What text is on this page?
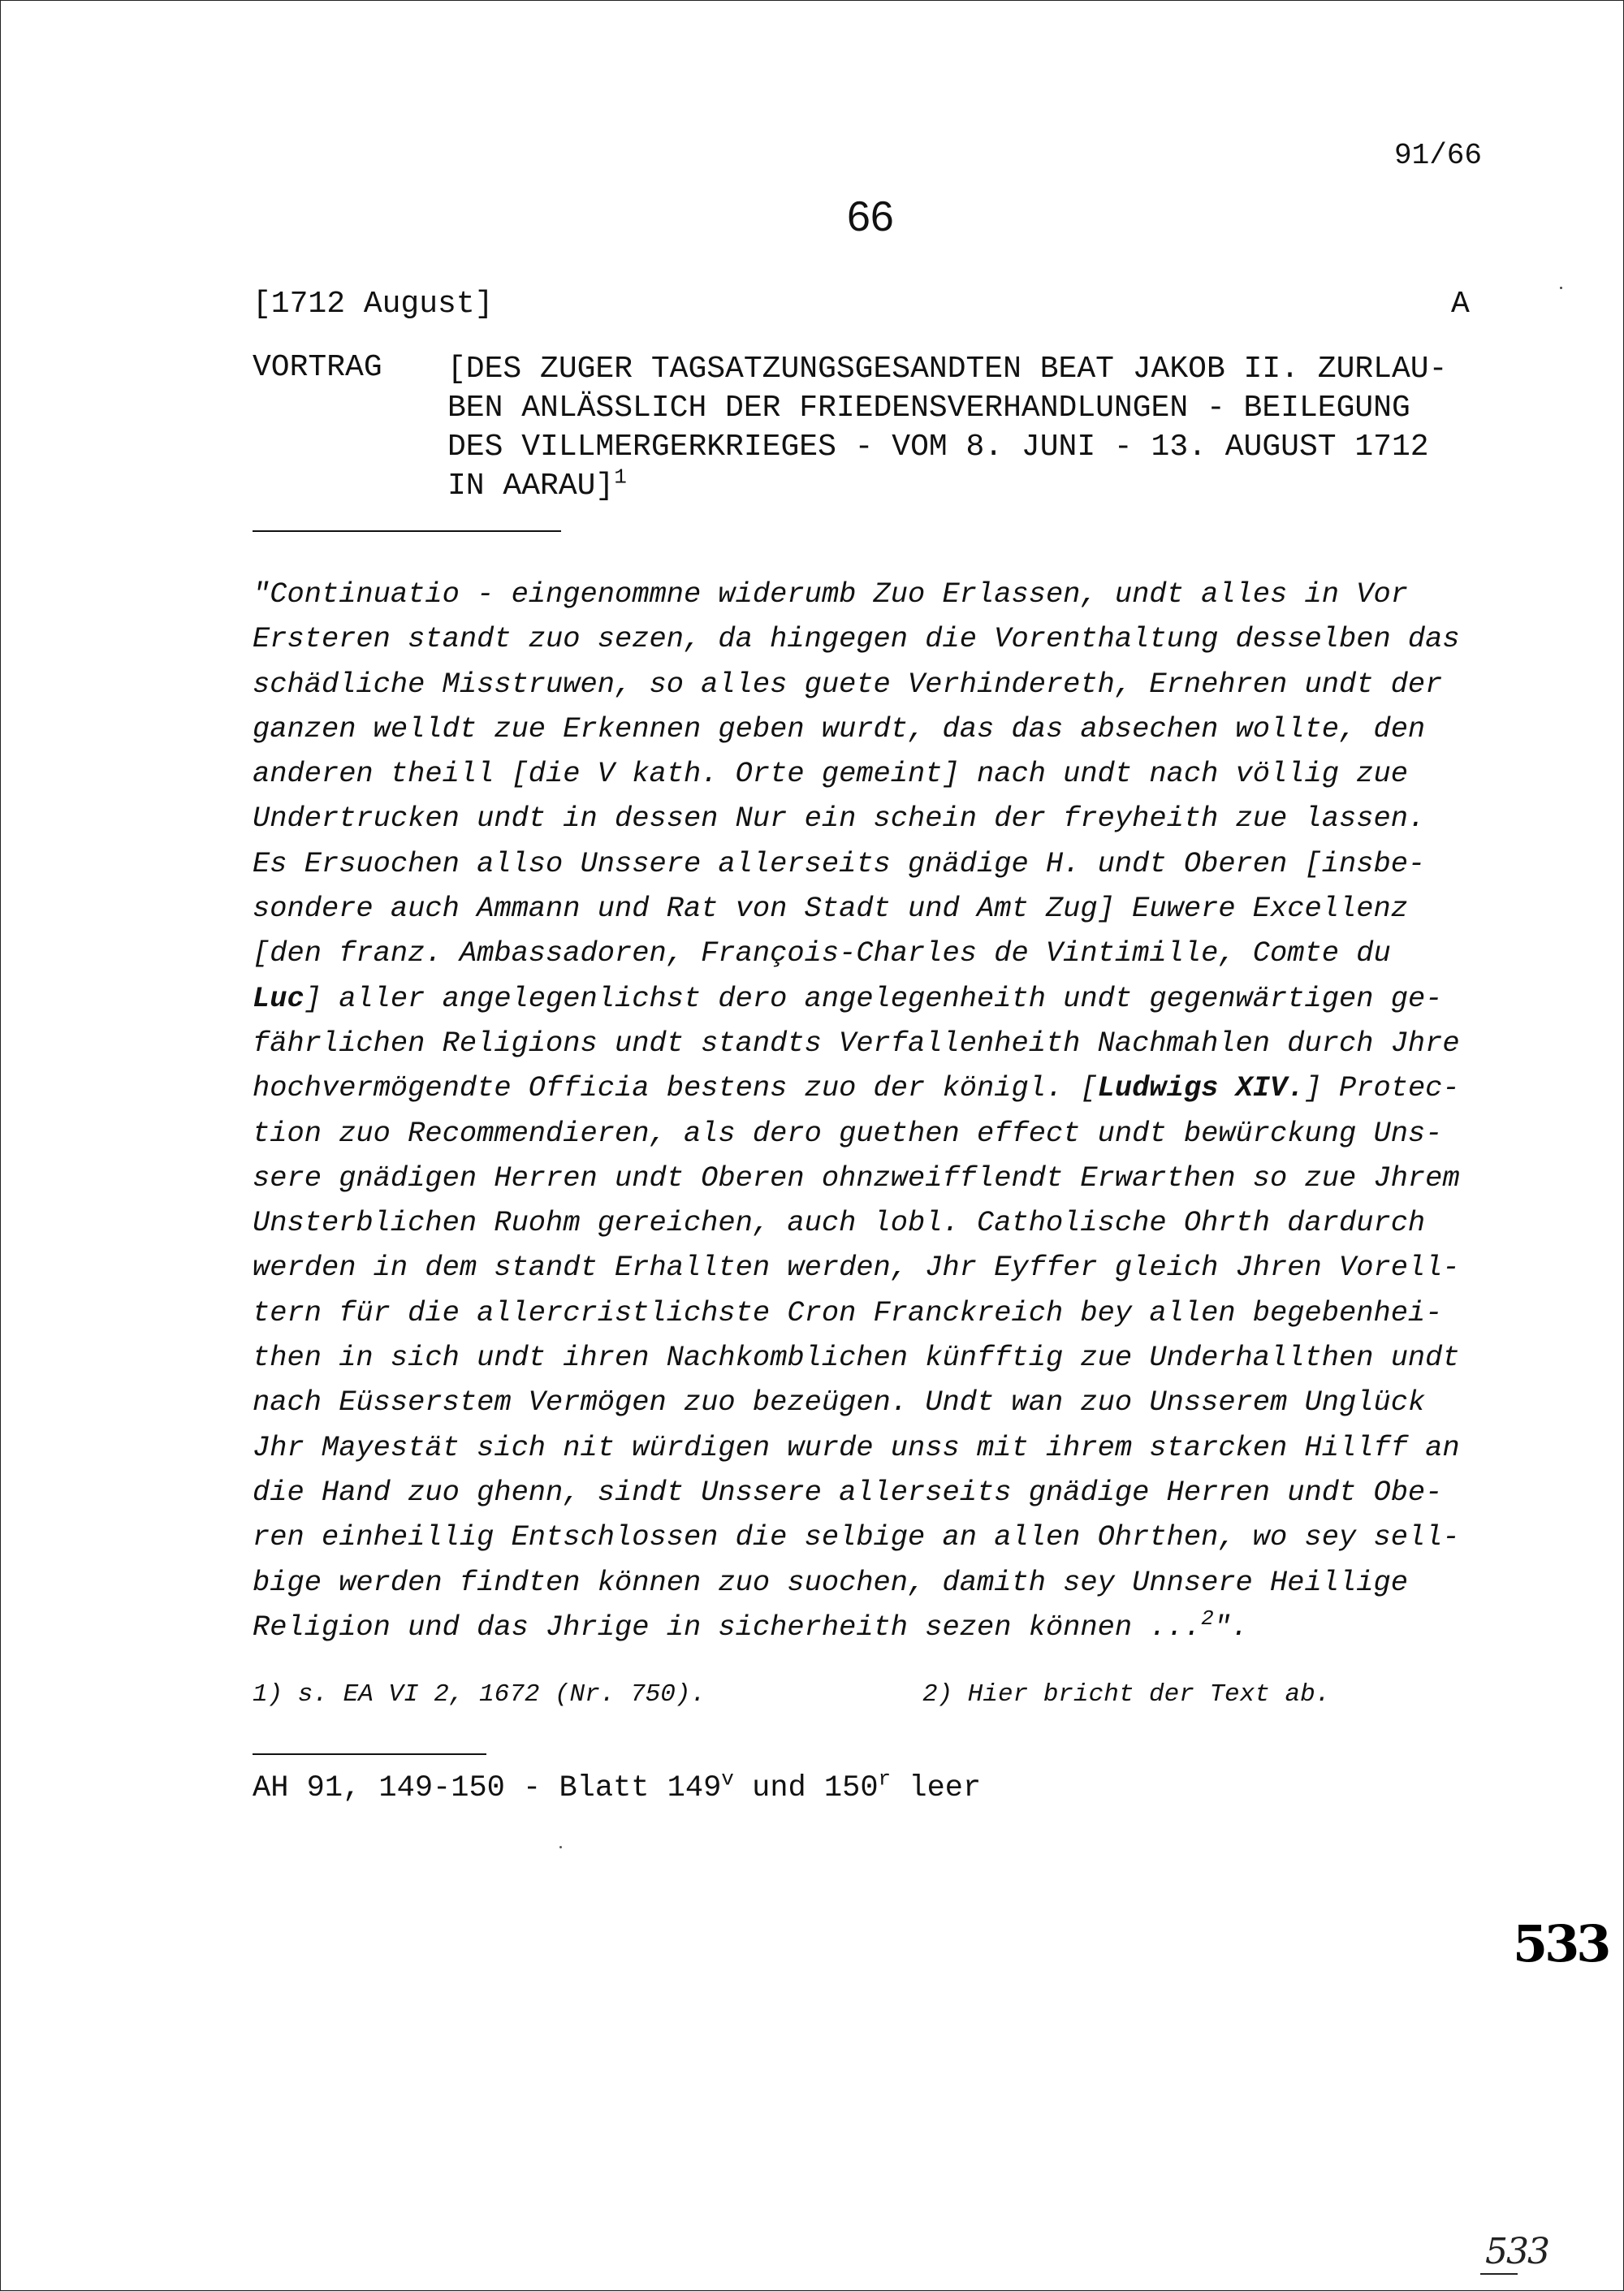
91/66
66
[1712 August]	A
VORTRAG [DES ZUGER TAGSATZUNGSGESANDTEN BEAT JAKOB II. ZURLAU-
BEN ANLÄSSLICH DER FRIEDENSVERHANDLUNGEN - BEILEGUNG
DES VILLMERGERKRIEGES - VOM 8. JUNI - 13. AUGUST 1712
IN AARAU]$^1$
"Continuatio - eingenommne widerumb Zuo Erlassen, undt alles in Vor
Ersteren standt zuo sezen, da hingegen die Vorenthaltung desselben das
schädliche Misstruwen, so alles guete Verhindereth, Ernehren undt der
ganzen welldt zue Erkennen geben wurdt, das das absechen wollte, den
anderen theill [die V kath. Orte gemeint] nach undt nach völlig zue
Undertrucken undt in dessen Nur ein schein der freyheith zue lassen.
Es Ersuochen allso Unssere allerseits gnädige H. undt Oberen [insbe-
sondere auch Ammann und Rat von Stadt und Amt Zug] Euwere Excellenz
[den franz. Ambassadoren, François-Charles de Vintimille, Comte du
Luc] aller angelegenlichst dero angelegenheith undt gegenwärtigen ge-
fährlichen Religions undt standts Verfallenheith Nachmahlen durch Jhre
hochvermögendte Officia bestens zuo der königl. [Ludwigs XIV.] Protec-
tion zuo Recommendieren, als dero guethen effect undt bewürckung Uns-
sere gnädigen Herren undt Oberen ohnzweifflendt Erwarthen so zue Jhrem
Unsterblichen Ruohm gereichen, auch lobl. Catholische Ohrth dardurch
werden in dem standt Erhallten werden, Jhr Eyffer gleich Jhren Vorell-
tern für die allercristlichste Cron Franckreich bey allen begebenhei-
then in sich undt ihren Nachkomblichen künfftig zue Underhallthen undt
nach Eüsserstem Vermögen zuo bezeügen. Undt wan zuo Unsserem Unglück
Jhr Mayestät sich nit würdigen wurde unss mit ihrem starcken Hillff an
die Hand zuo ghenn, sindt Unssere allerseits gnädige Herren undt Obe-
ren einheillig Entschlossen die selbige an allen Ohrthen, wo sey sell-
bige werden findten können zuo suochen, damith sey Unnsere Heillige
Religion und das Jhrige in sicherheith sezen können ...$^2$".
1) s. EA VI 2, 1672 (Nr. 750).	2) Hier bricht der Text ab.
AH 91, 149-150 - Blatt 149$^v$ und 150$^r$ leer
533
533
